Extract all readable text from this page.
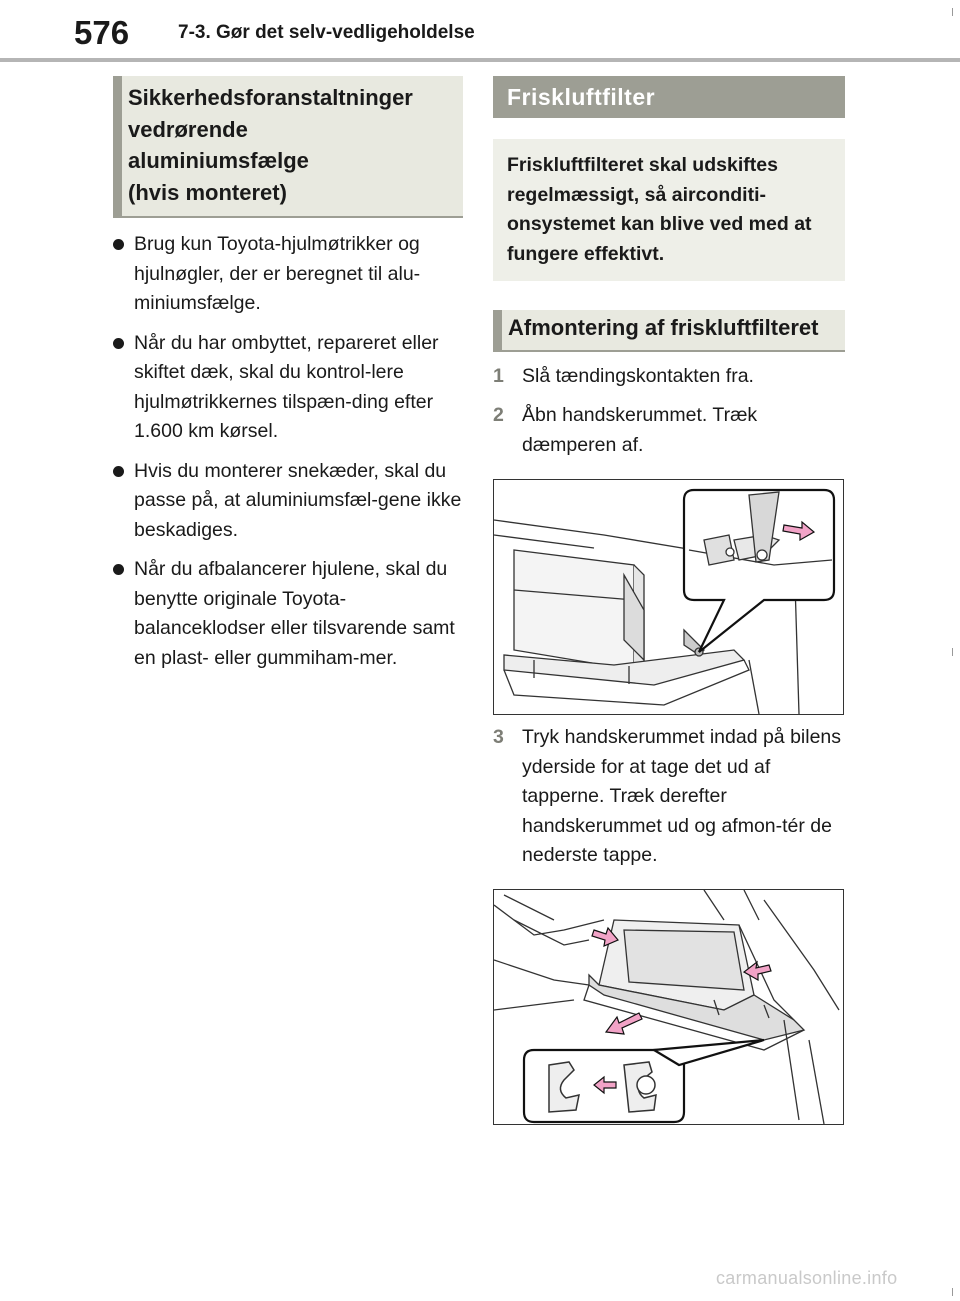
576	7-3. Gør det selv-vedligeholdelse
Sikkerhedsforanstaltninger
vedrørende
aluminiumsfælge
(hvis monteret)
Brug kun Toyota-hjulmøtrikker og hjulnøgler, der er beregnet til alu-miniumsfælge.
Når du har ombyttet, repareret eller skiftet dæk, skal du kontrol-lere hjulmøtrikkernes tilspæn-ding efter 1.600 km kørsel.
Hvis du monterer snekæder, skal du passe på, at aluminiumsfæl-gene ikke beskadiges.
Når du afbalancerer hjulene, skal du benytte originale Toyota-balanceklodser eller tilsvarende samt en plast- eller gummiham-mer.
Friskluftfilter
Friskluftfilteret skal udskiftes regelmæssigt, så airconditi-onsystemet kan blive ved med at fungere effektivt.
Afmontering af friskluftfilteret
1 Slå tændingskontakten fra.
2 Åbn handskerummet. Træk dæmperen af.
3 Tryk handskerummet indad på bilens yderside for at tage det ud af tapperne. Træk derefter handskerummet ud og afmon-tér de nederste tappe.
carmanualsonline.info
